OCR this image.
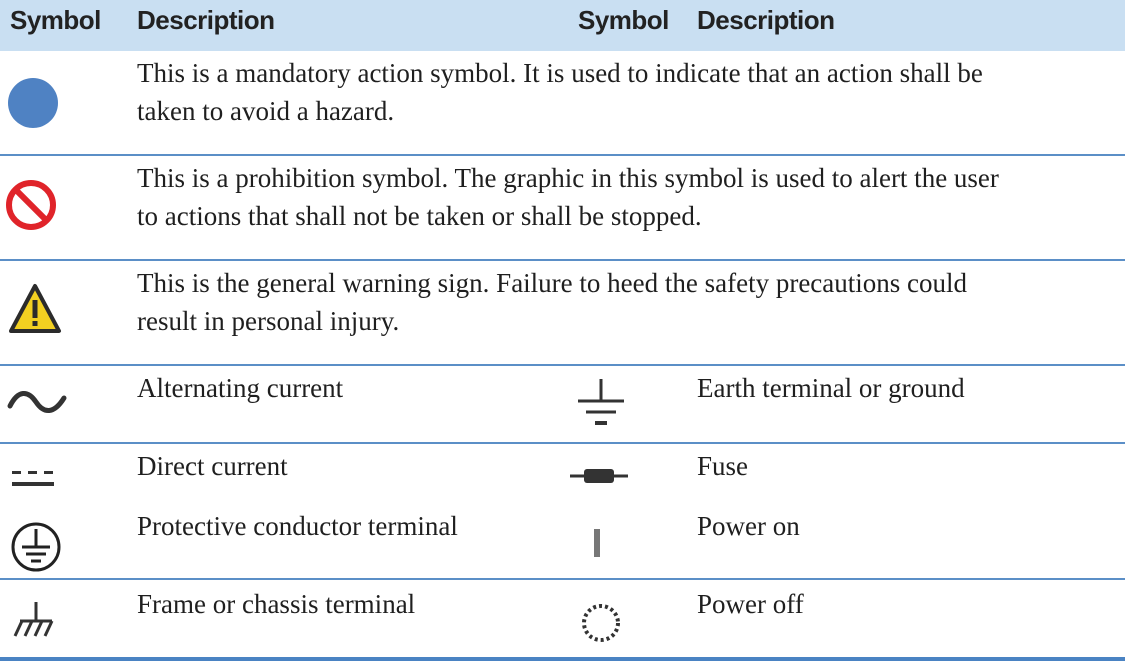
Symbol Description	Symbol Description
This is a mandatory action symbol. It is used to indicate that an action shall be
taken to avoid a hazard.
This is a prohibition symbol. The graphic in this symbol is used to alert the user
to actions that shall not be taken or shall be stopped.
This is the general warning sign. Failure to heed the safety precautions could
result in personal injury.
Alternating current	Earth terminal or ground
Direct current	Fuse
Protective conductor terminal	Power on
Frame or chassis terminal	Power off
